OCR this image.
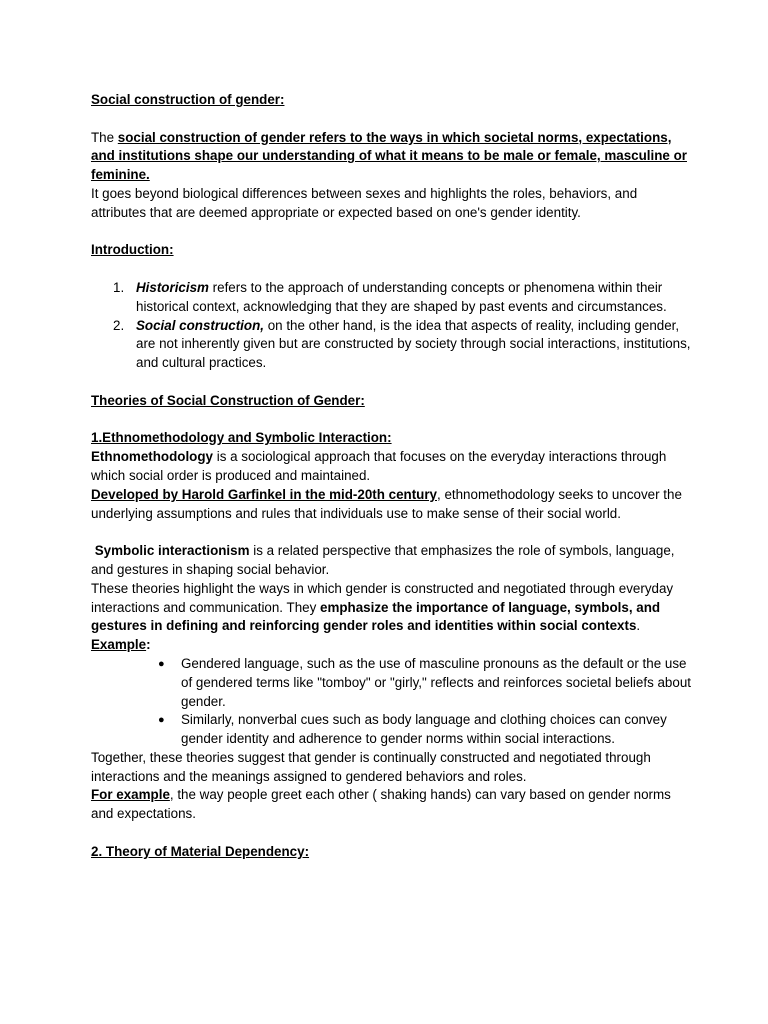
Social construction of gender:

The social construction of gender refers to the ways in which societal norms, expectations, and institutions shape our understanding of what it means to be male or female, masculine or feminine.

It goes beyond biological differences between sexes and highlights the roles, behaviors, and attributes that are deemed appropriate or expected based on one's gender identity.

Introduction:

1. Historicism refers to the approach of understanding concepts or phenomena within their historical context, acknowledging that they are shaped by past events and circumstances.
2. Social construction, on the other hand, is the idea that aspects of reality, including gender, are not inherently given but are constructed by society through social interactions, institutions, and cultural practices.

Theories of Social Construction of Gender:

1.Ethnomethodology and Symbolic Interaction:

Ethnomethodology is a sociological approach that focuses on the everyday interactions through which social order is produced and maintained.

Developed by Harold Garfinkel in the mid-20th century, ethnomethodology seeks to uncover the underlying assumptions and rules that individuals use to make sense of their social world.

Symbolic interactionism is a related perspective that emphasizes the role of symbols, language, and gestures in shaping social behavior.

These theories highlight the ways in which gender is constructed and negotiated through everyday interactions and communication. They emphasize the importance of language, symbols, and gestures in defining and reinforcing gender roles and identities within social contexts.

Example:

● Gendered language, such as the use of masculine pronouns as the default or the use of gendered terms like "tomboy" or "girly," reflects and reinforces societal beliefs about gender.
● Similarly, nonverbal cues such as body language and clothing choices can convey gender identity and adherence to gender norms within social interactions.

Together, these theories suggest that gender is continually constructed and negotiated through interactions and the meanings assigned to gendered behaviors and roles.

For example, the way people greet each other ( shaking hands) can vary based on gender norms and expectations.

2. Theory of Material Dependency:
